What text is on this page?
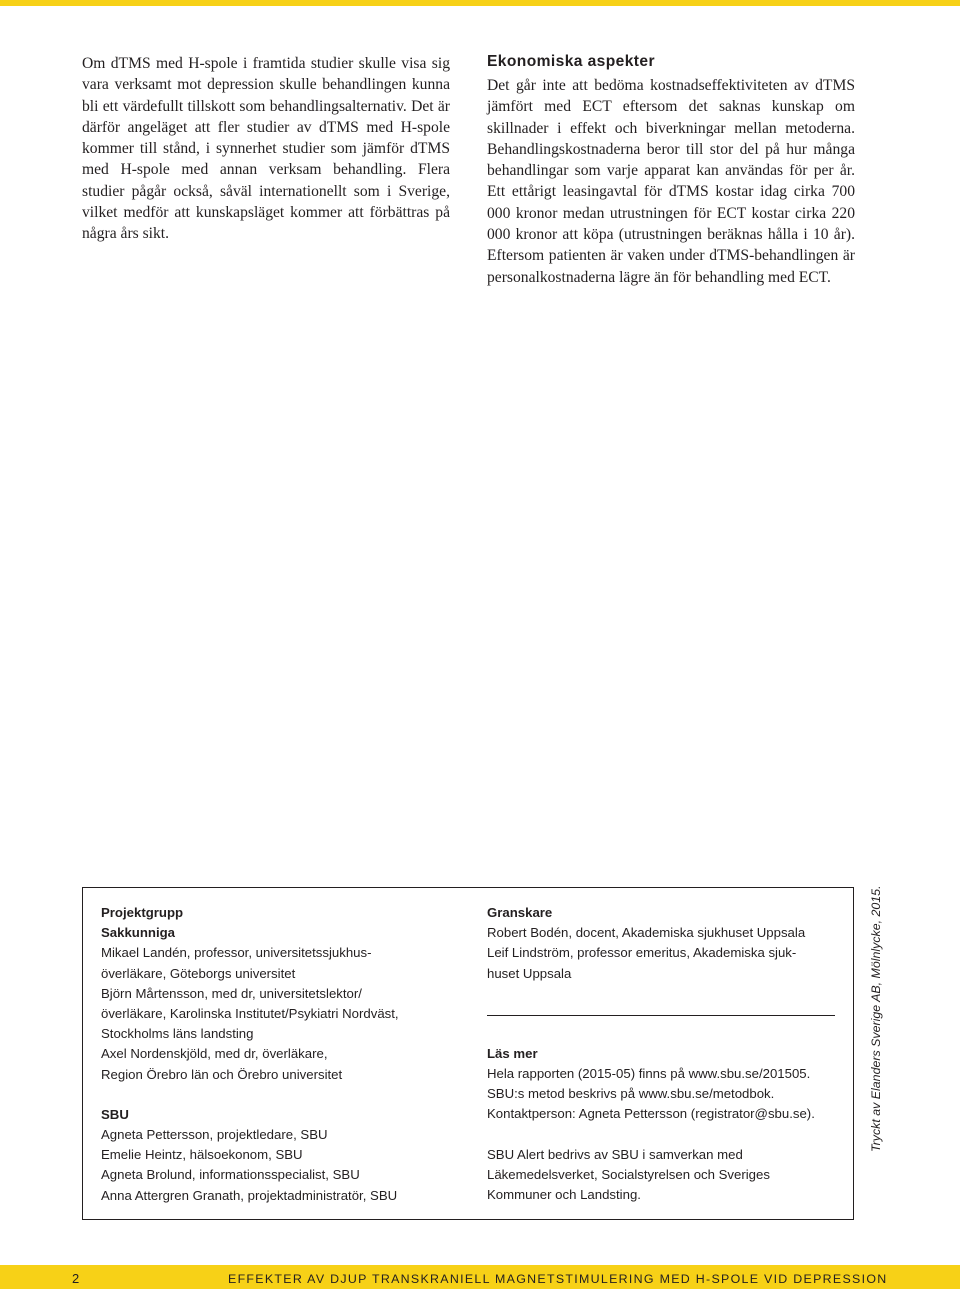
Om dTMS med H-spole i framtida studier skulle visa sig vara verksamt mot depression skulle behandlingen kunna bli ett värdefullt tillskott som behandlingsalternativ. Det är därför angeläget att fler studier av dTMS med H-spole kommer till stånd, i synnerhet studier som jämför dTMS med H-spole med annan verksam behandling. Flera studier pågår också, såväl internationellt som i Sverige, vilket medför att kunskapsläget kommer att förbättras på några års sikt.

Ekonomiska aspekter

Det går inte att bedöma kostnadseffektiviteten av dTMS jämfört med ECT eftersom det saknas kunskap om skillnader i effekt och biverkningar mellan metoderna. Behandlingskostnaderna beror till stor del på hur många behandlingar som varje apparat kan användas för per år. Ett ettårigt leasingavtal för dTMS kostar idag cirka 700 000 kronor medan utrustningen för ECT kostar cirka 220 000 kronor att köpa (utrustningen beräknas hålla i 10 år). Eftersom patienten är vaken under dTMS-behandlingen är personalkostnaderna lägre än för behandling med ECT.

Projektgrupp
Sakkunniga
Mikael Landén, professor, universitetssjukhus-
överläkare, Göteborgs universitet
Björn Mårtensson, med dr, universitetslektor/
överläkare, Karolinska Institutet/Psykiatri Nordväst,
Stockholms läns landsting
Axel Nordenskjöld, med dr, överläkare,
Region Örebro län och Örebro universitet
SBU
Agneta Pettersson, projektledare, SBU
Emelie Heintz, hälsoekonom, SBU
Agneta Brolund, informationsspecialist, SBU
Anna Attergren Granath, projektadministratör, SBU
Granskare
Robert Bodén, docent, Akademiska sjukhuset Uppsala
Leif Lindström, professor emeritus, Akademiska sjuk-
huset Uppsala
Läs mer
Hela rapporten (2015-05) finns på www.sbu.se/201505.
SBU:s metod beskrivs på www.sbu.se/metodbok.
Kontaktperson: Agneta Pettersson (registrator@sbu.se).
SBU Alert bedrivs av SBU i samverkan med
Läkemedelsverket, Socialstyrelsen och Sveriges
Kommuner och Landsting.
Tryckt av Elanders Sverige AB, Mölnlycke, 2015.
2	EFFEKTER AV DJUP TRANSKRANIELL MAGNETSTIMULERING MED H-SPOLE VID DEPRESSION
